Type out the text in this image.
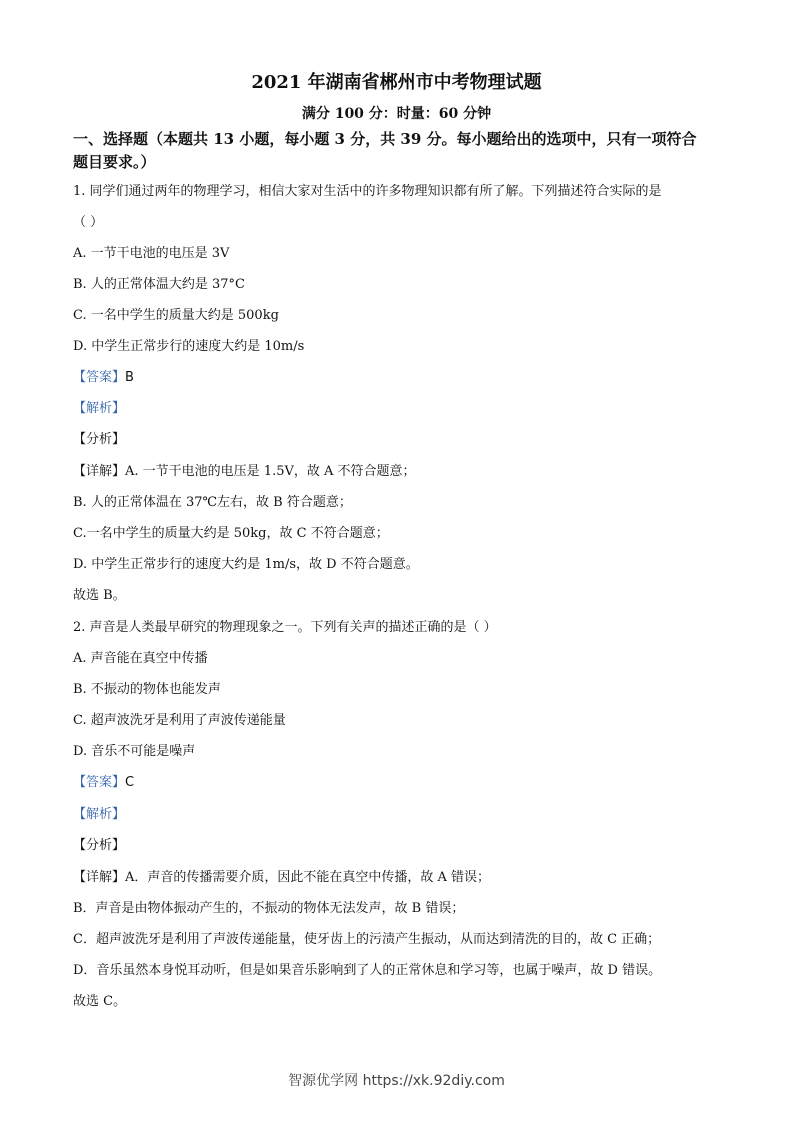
2021 年湖南省郴州市中考物理试题
满分 100 分：时量：60 分钟
一、选择题（本题共 13 小题，每小题 3 分，共 39 分。每小题给出的选项中，只有一项符合
题目要求。）
1. 同学们通过两年的物理学习，相信大家对生活中的许多物理知识都有所了解。下列描述符合实际的是
（ ）
A. 一节干电池的电压是 3V
B. 人的正常体温大约是 37°C
C. 一名中学生的质量大约是 500kg
D. 中学生正常步行的速度大约是 10m/s
【答案】B
【解析】
【分析】
【详解】A. 一节干电池的电压是 1.5V，故 A 不符合题意；
B. 人的正常体温在 37℃左右，故 B 符合题意；
C.一名中学生的质量大约是 50kg，故 C 不符合题意；
D. 中学生正常步行的速度大约是 1m/s，故 D 不符合题意。
故选 B。
2. 声音是人类最早研究的物理现象之一。下列有关声的描述正确的是（ ）
A. 声音能在真空中传播
B. 不振动的物体也能发声
C. 超声波洗牙是利用了声波传递能量
D. 音乐不可能是噪声
【答案】C
【解析】
【分析】
【详解】A．声音的传播需要介质，因此不能在真空中传播，故 A 错误；
B．声音是由物体振动产生的，不振动的物体无法发声，故 B 错误；
C．超声波洗牙是利用了声波传递能量，使牙齿上的污渍产生振动，从而达到清洗的目的，故 C 正确；
D．音乐虽然本身悦耳动听，但是如果音乐影响到了人的正常休息和学习等，也属于噪声，故 D 错误。
故选 C。
智源优学网 https://xk.92diy.com
